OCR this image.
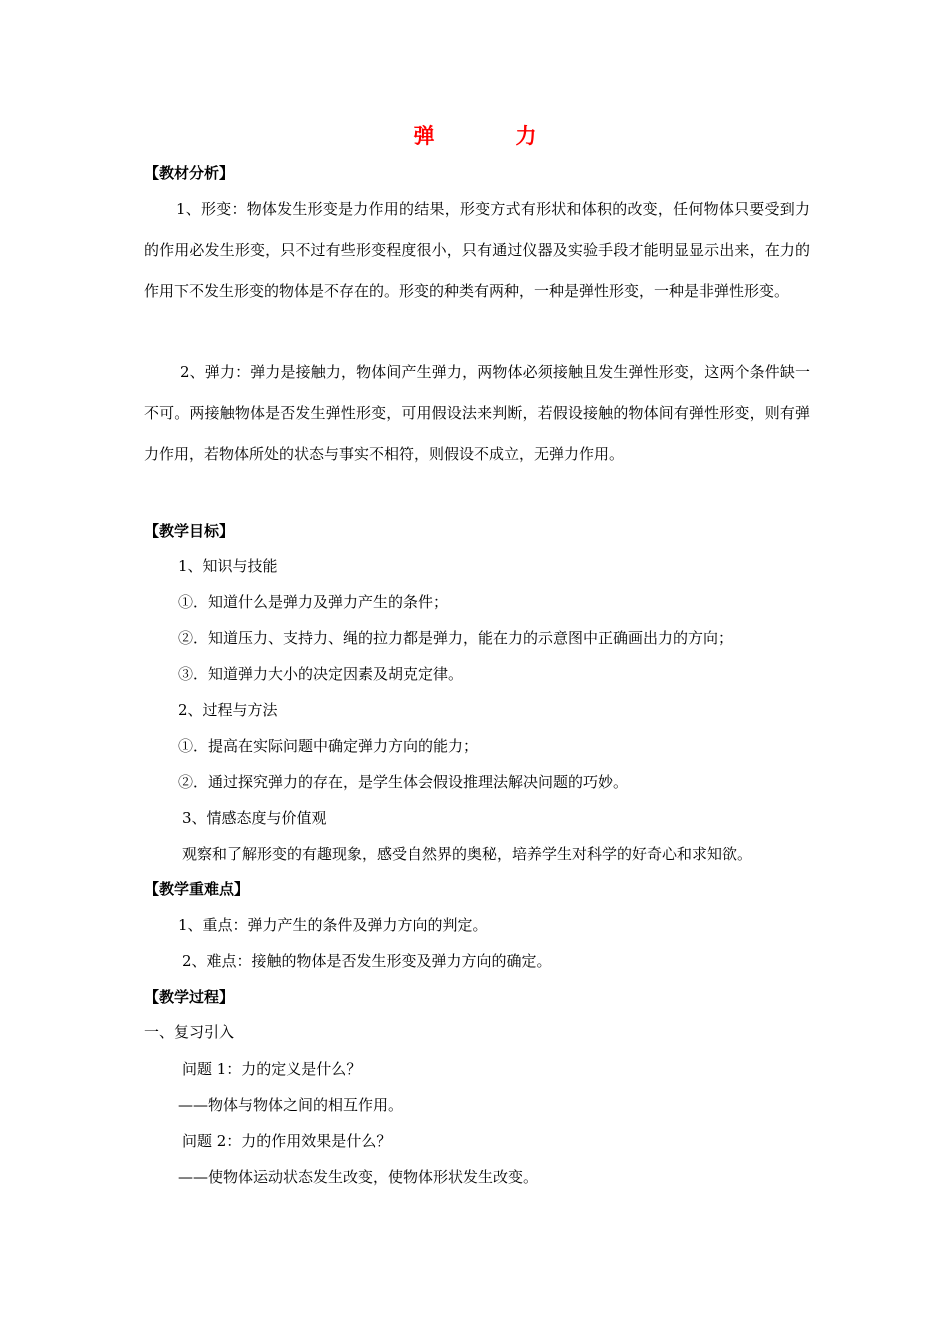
弹　力
【教材分析】
1、形变：物体发生形变是力作用的结果，形变方式有形状和体积的改变，任何物体只要受到力的作用必发生形变，只不过有些形变程度很小，只有通过仪器及实验手段才能明显显示出来，在力的作用下不发生形变的物体是不存在的。形变的种类有两种，一种是弹性形变，一种是非弹性形变。
2、弹力：弹力是接触力，物体间产生弹力，两物体必须接触且发生弹性形变，这两个条件缺一不可。两接触物体是否发生弹性形变，可用假设法来判断，若假设接触的物体间有弹性形变，则有弹力作用，若物体所处的状态与事实不相符，则假设不成立，无弹力作用。
【教学目标】
1、知识与技能
①．知道什么是弹力及弹力产生的条件；
②．知道压力、支持力、绳的拉力都是弹力，能在力的示意图中正确画出力的方向；
③．知道弹力大小的决定因素及胡克定律。
2、过程与方法
①．提高在实际问题中确定弹力方向的能力；
②．通过探究弹力的存在，是学生体会假设推理法解决问题的巧妙。
3、情感态度与价值观
观察和了解形变的有趣现象，感受自然界的奥秘，培养学生对科学的好奇心和求知欲。
【教学重难点】
1、重点：弹力产生的条件及弹力方向的判定。
2、难点：接触的物体是否发生形变及弹力方向的确定。
【教学过程】
一、复习引入
问题 1：力的定义是什么？
——物体与物体之间的相互作用。
问题 2：力的作用效果是什么？
——使物体运动状态发生改变，使物体形状发生改变。
